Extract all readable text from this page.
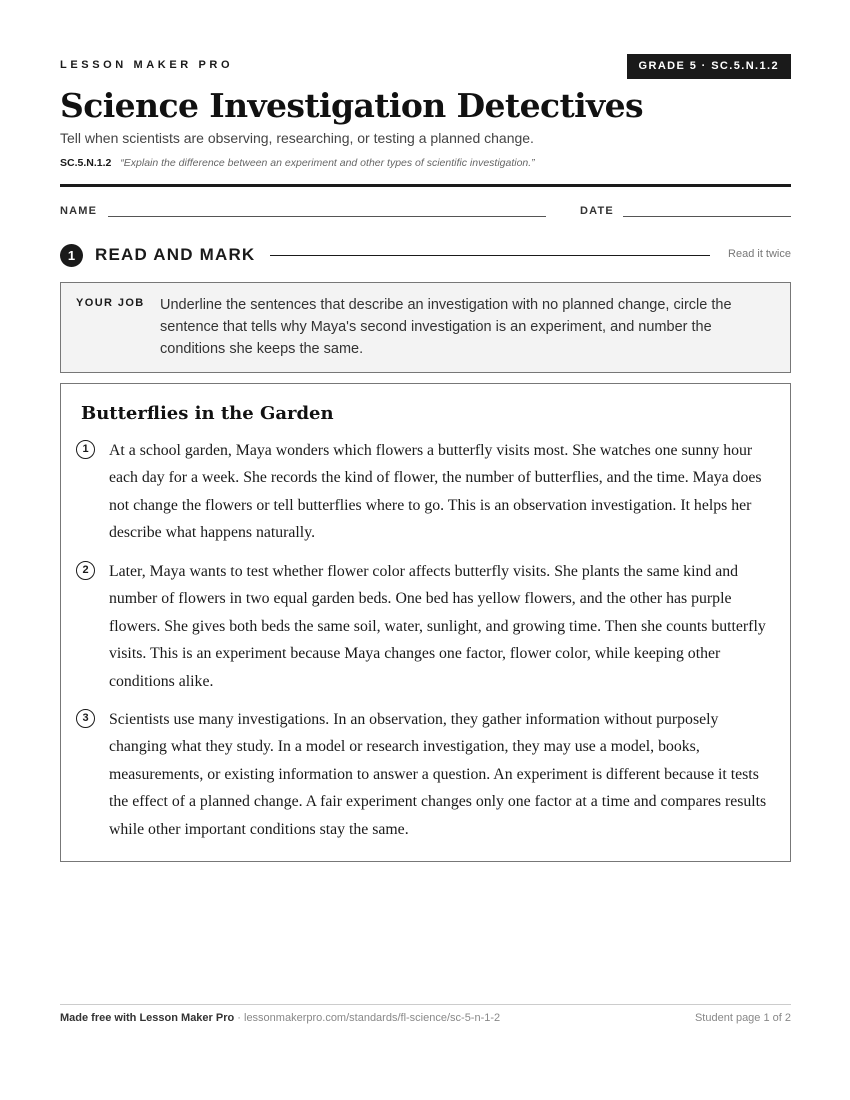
LESSON MAKER PRO	GRADE 5 · SC.5.N.1.2
Science Investigation Detectives
Tell when scientists are observing, researching, or testing a planned change.
SC.5.N.1.2 “Explain the difference between an experiment and other types of scientific investigation.”
NAME	DATE
1	READ AND MARK	Read it twice
YOUR JOB Underline the sentences that describe an investigation with no planned change, circle the sentence that tells why Maya's second investigation is an experiment, and number the conditions she keeps the same.
Butterflies in the Garden
1	At a school garden, Maya wonders which flowers a butterfly visits most. She watches one sunny hour each day for a week. She records the kind of flower, the number of butterflies, and the time. Maya does not change the flowers or tell butterflies where to go. This is an observation investigation. It helps her describe what happens naturally.
2	Later, Maya wants to test whether flower color affects butterfly visits. She plants the same kind and number of flowers in two equal garden beds. One bed has yellow flowers, and the other has purple flowers. She gives both beds the same soil, water, sunlight, and growing time. Then she counts butterfly visits. This is an experiment because Maya changes one factor, flower color, while keeping other conditions alike.
3	Scientists use many investigations. In an observation, they gather information without purposely changing what they study. In a model or research investigation, they may use a model, books, measurements, or existing information to answer a question. An experiment is different because it tests the effect of a planned change. A fair experiment changes only one factor at a time and compares results while other important conditions stay the same.
Made free with Lesson Maker Pro · lessonmakerpro.com/standards/fl-science/sc-5-n-1-2	Student page 1 of 2
